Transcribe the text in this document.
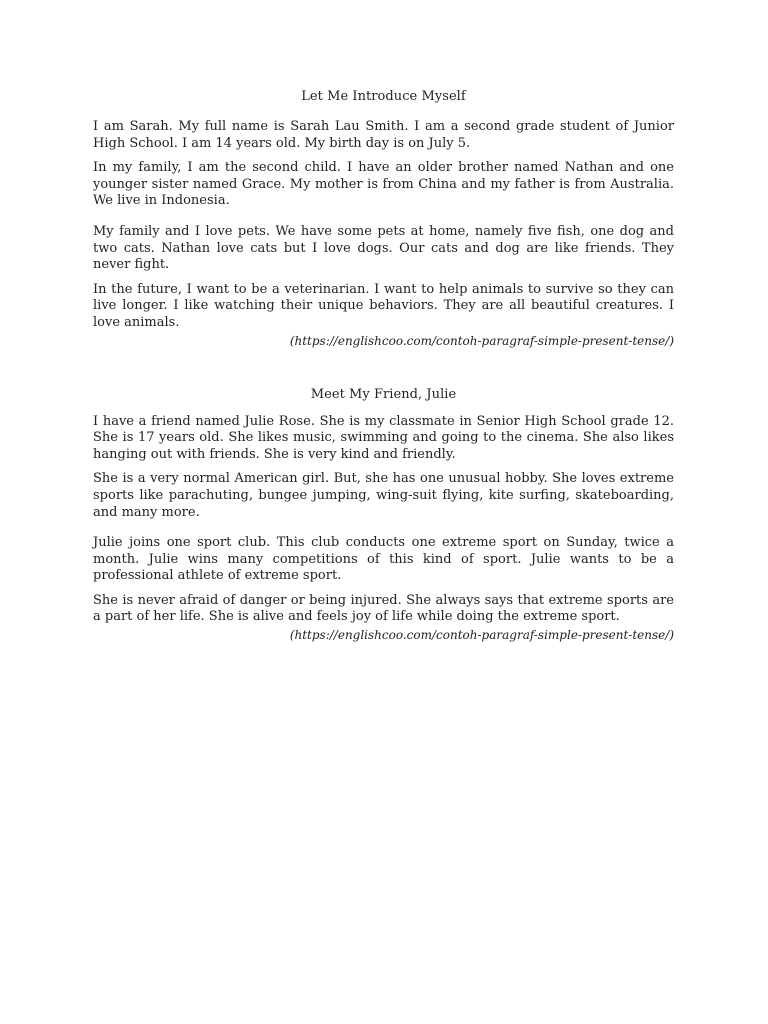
Let Me Introduce Myself

I am Sarah. My full name is Sarah Lau Smith. I am a second grade student of Junior High School. I am 14 years old. My birth day is on July 5.

In my family, I am the second child. I have an older brother named Nathan and one younger sister named Grace. My mother is from China and my father is from Australia. We live in Indonesia.

My family and I love pets. We have some pets at home, namely five fish, one dog and two cats. Nathan love cats but I love dogs. Our cats and dog are like friends. They never fight.

In the future, I want to be a veterinarian. I want to help animals to survive so they can live longer. I like watching their unique behaviors. They are all beautiful creatures. I love animals.

(https://englishcoo.com/contoh-paragraf-simple-present-tense/)

Meet My Friend, Julie

I have a friend named Julie Rose. She is my classmate in Senior High School grade 12. She is 17 years old. She likes music, swimming and going to the cinema. She also likes hanging out with friends. She is very kind and friendly.

She is a very normal American girl. But, she has one unusual hobby. She loves extreme sports like parachuting, bungee jumping, wing-suit flying, kite surfing, skateboarding, and many more.

Julie joins one sport club. This club conducts one extreme sport on Sunday, twice a month. Julie wins many competitions of this kind of sport. Julie wants to be a professional athlete of extreme sport.

She is never afraid of danger or being injured. She always says that extreme sports are a part of her life. She is alive and feels joy of life while doing the extreme sport.

(https://englishcoo.com/contoh-paragraf-simple-present-tense/)
